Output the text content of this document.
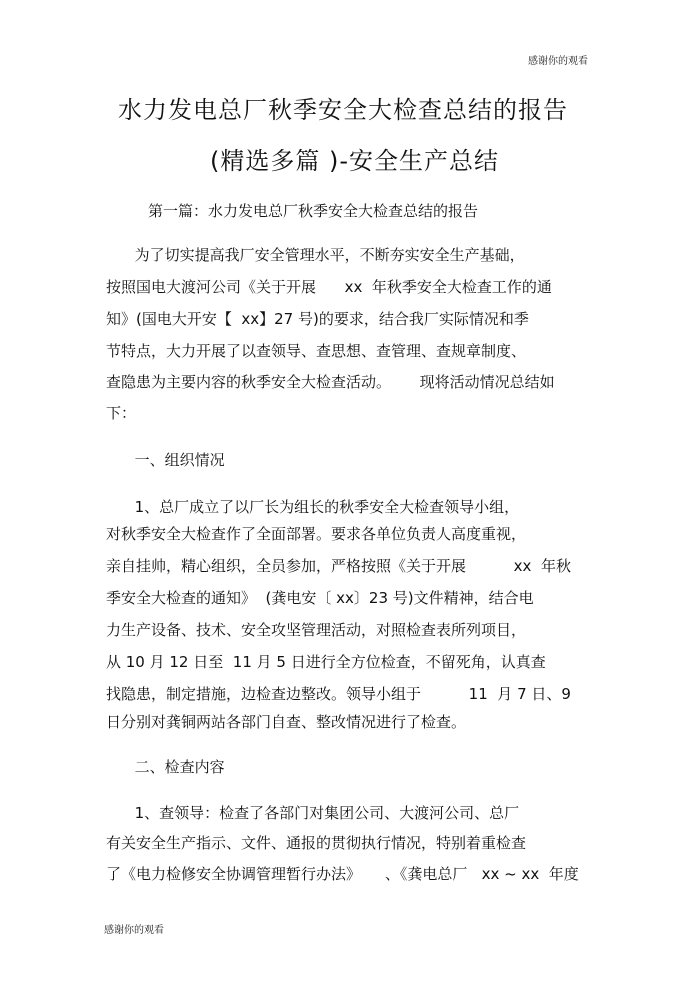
感谢你的观看
水力发电总厂秋季安全大检查总结的报告
(精选多篇 )-安全生产总结
第一篇：水力发电总厂秋季安全大检查总结的报告
为了切实提高我厂安全管理水平，不断夯实安全生产基础，
按照国电大渡河公司《关于开展      xx  年秋季安全大检查工作的通
知》(国电大开安【  xx】27 号)的要求，结合我厂实际情况和季
节特点，大力开展了以查领导、查思想、查管理、查规章制度、
查隐患为主要内容的秋季安全大检查活动。      现将活动情况总结如
下：
一、组织情况
1、总厂成立了以厂长为组长的秋季安全大检查领导小组，
对秋季安全大检查作了全面部署。要求各单位负责人高度重视，
亲自挂帅，精心组织，全员参加，严格按照《关于开展          xx  年秋
季安全大检查的通知》  (龚电安〔 xx〕23 号)文件精神，结合电
力生产设备、技术、安全攻坚管理活动，对照检查表所列项目，
从 10 月 12 日至  11 月 5 日进行全方位检查，不留死角，认真查
找隐患，制定措施，边检查边整改。领导小组于          11  月 7 日、9
日分别对龚铜两站各部门自查、整改情况进行了检查。
二、检查内容
1、查领导：检查了各部门对集团公司、大渡河公司、总厂
有关安全生产指示、文件、通报的贯彻执行情况，特别着重检查
了《电力检修安全协调管理暂行办法》     、《龚电总厂   xx ~ xx  年度
感谢你的观看
